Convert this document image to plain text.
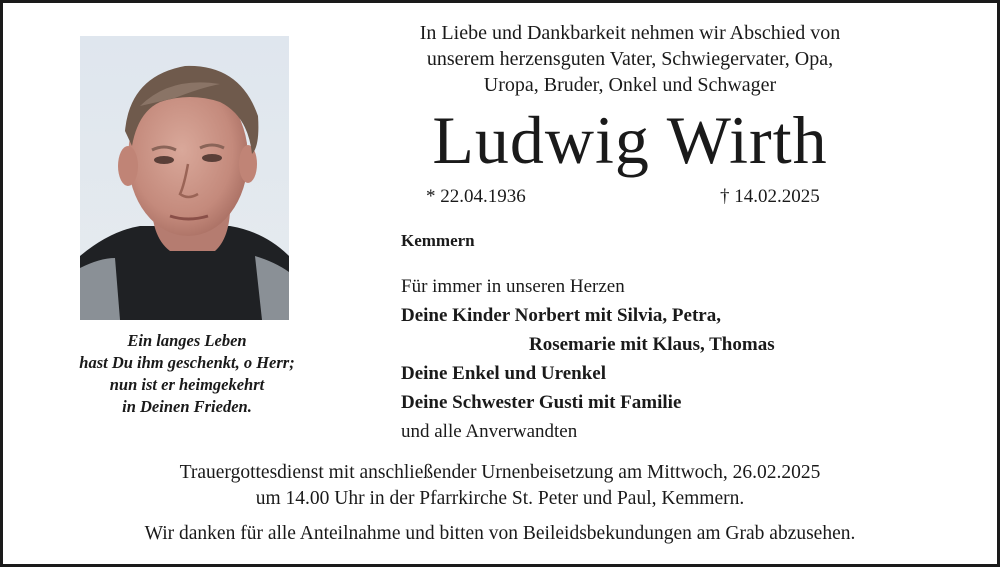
Ein langes Leben
hast Du ihm geschenkt, o Herr;
nun ist er heimgekehrt
in Deinen Frieden.
In Liebe und Dankbarkeit nehmen wir Abschied von
unserem herzensguten Vater, Schwiegervater, Opa,
Uropa, Bruder, Onkel und Schwager
Ludwig Wirth
* 22.04.1936	† 14.02.2025
Kemmern
Für immer in unseren Herzen
Deine Kinder Norbert mit Silvia, Petra,
Rosemarie mit Klaus, Thomas
Deine Enkel und Urenkel
Deine Schwester Gusti mit Familie
und alle Anverwandten
Trauergottesdienst mit anschließender Urnenbeisetzung am Mittwoch, 26.02.2025
um 14.00 Uhr in der Pfarrkirche St. Peter und Paul, Kemmern.
Wir danken für alle Anteilnahme und bitten von Beileidsbekundungen am Grab abzusehen.
